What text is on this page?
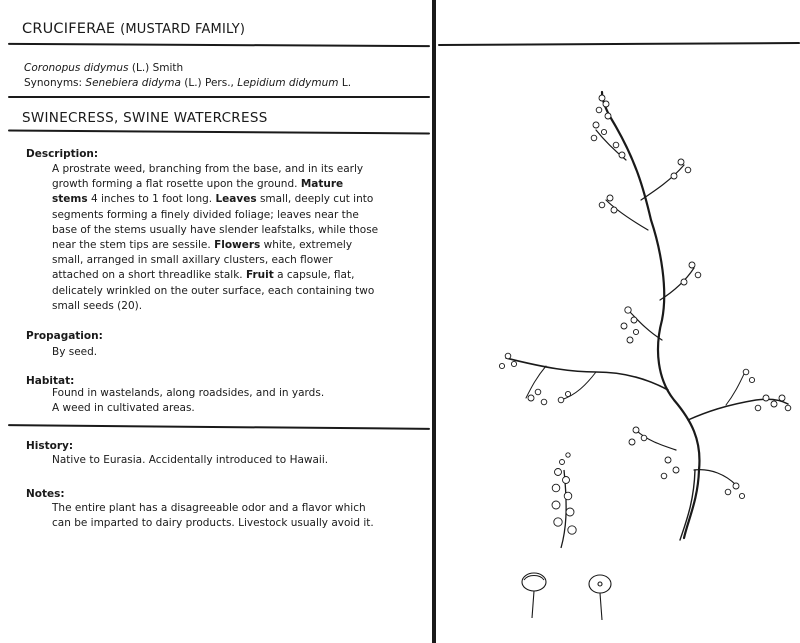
CRUCIFERAE (MUSTARD FAMILY)
Coronopus didymus (L.) Smith
Synonyms: Senebiera didyma (L.) Pers., Lepidium didymum L.
SWINECRESS, SWINE WATERCRESS
Description:
A prostrate weed, branching from the base, and in its early growth forming a flat rosette upon the ground. Mature stems 4 inches to 1 foot long. Leaves small, deeply cut into segments forming a finely divided foliage; leaves near the base of the stems usually have slender leafstalks, while those near the stem tips are sessile. Flowers white, extremely small, arranged in small axillary clusters, each flower attached on a short threadlike stalk. Fruit a capsule, flat, delicately wrinkled on the outer surface, each containing two small seeds (20).
Propagation:
By seed.
Habitat:
Found in wastelands, along roadsides, and in yards.
A weed in cultivated areas.
History:
Native to Eurasia. Accidentally introduced to Hawaii.
Notes:
The entire plant has a disagreeable odor and a flavor which can be imparted to dairy products. Livestock usually avoid it.
